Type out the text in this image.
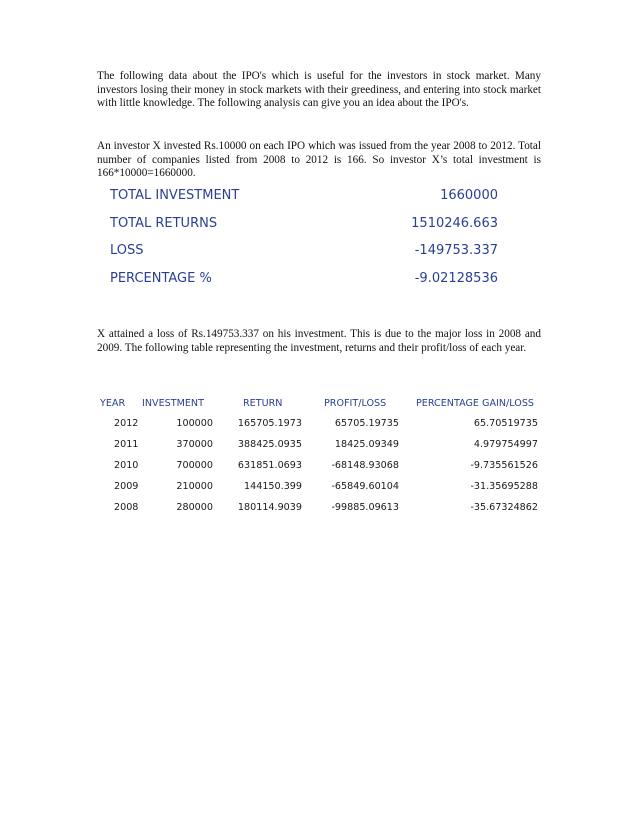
The following data about the IPO's which is useful for the investors in stock market. Many investors losing their money in stock markets with their greediness, and entering into stock market with little knowledge. The following analysis can give you an idea about the IPO's.

An investor X invested Rs.10000 on each IPO which was issued from the year 2008 to 2012. Total number of companies listed from 2008 to 2012 is 166. So investor X’s total investment is 166*10000=1660000.

TOTAL INVESTMENT	1660000
TOTAL RETURNS	1510246.663
LOSS	-149753.337
PERCENTAGE %	-9.02128536

X attained a loss of Rs.149753.337 on his investment. This is due to the major loss in 2008 and 2009. The following table representing the investment, returns and their profit/loss of each year.

YEAR INVESTMENT	RETURN	PROFIT/LOSS	PERCENTAGE GAIN/LOSS
2012	100000	165705.1973	65705.19735	65.70519735
2011	370000	388425.0935	18425.09349	4.979754997
2010	700000	631851.0693	-68148.93068	-9.735561526
2009	210000	144150.399	-65849.60104	-31.35695288
2008	280000	180114.9039	-99885.09613	-35.67324862
